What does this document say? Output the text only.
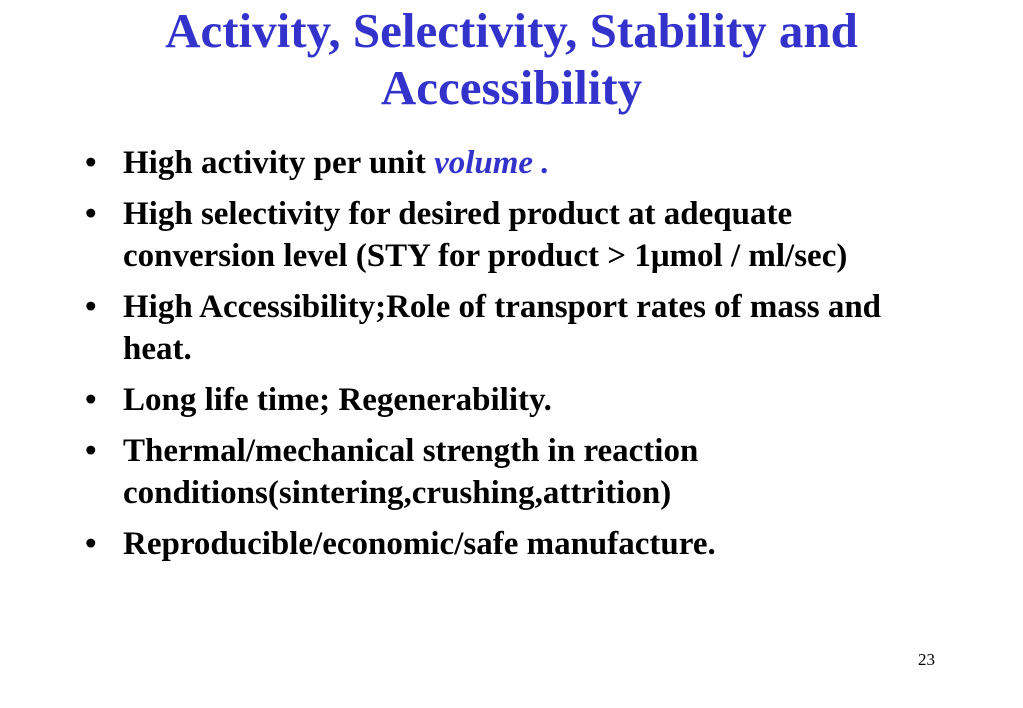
Activity, Selectivity, Stability and
Accessibility
• High activity per unit volume .
• High selectivity for desired product at adequate conversion level (STY for product > 1μmol / ml/sec)
• High Accessibility;Role of transport rates of mass and heat.
• Long life time; Regenerability.
• Thermal/mechanical strength in reaction conditions(sintering,crushing,attrition)
• Reproducible/economic/safe manufacture.
23
